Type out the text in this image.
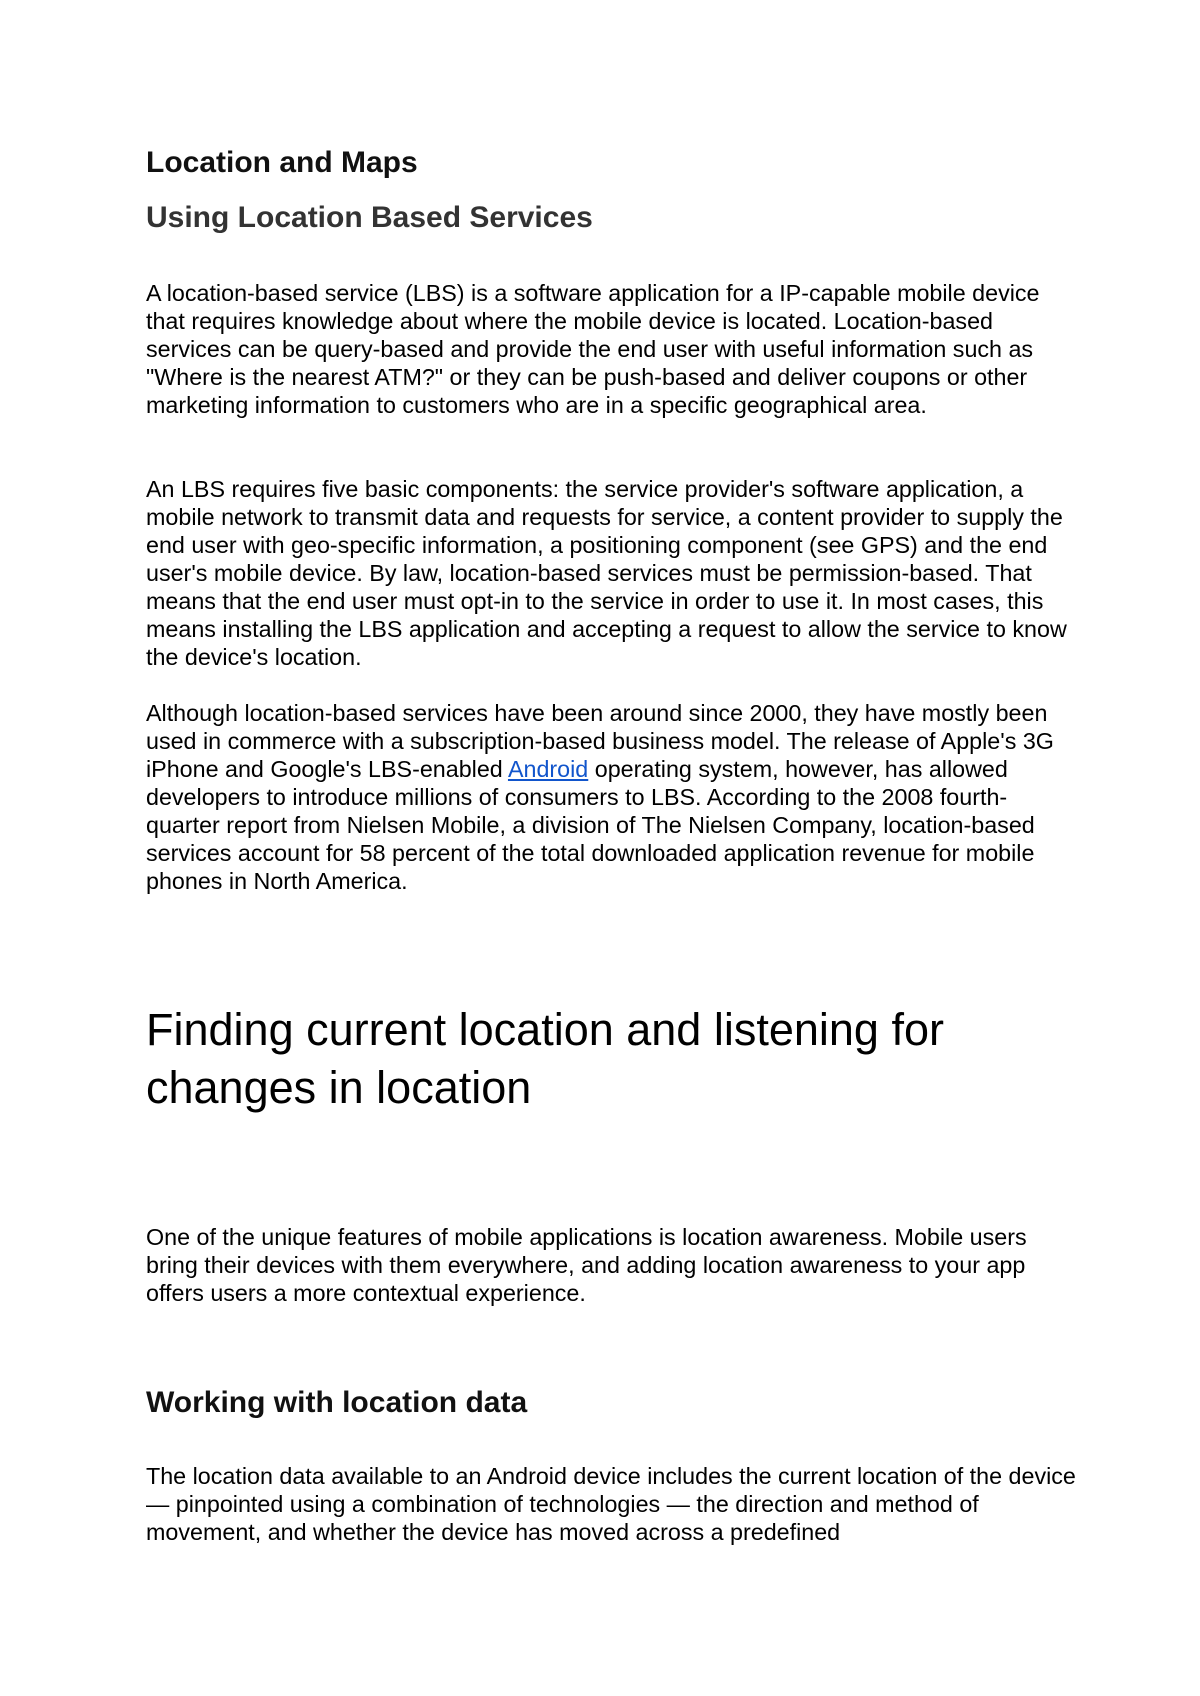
Location and Maps
Using Location Based Services

A location-based service (LBS) is a software application for a IP-capable mobile device that requires knowledge about where the mobile device is located. Location-based services can be query-based and provide the end user with useful information such as "Where is the nearest ATM?" or they can be push-based and deliver coupons or other marketing information to customers who are in a specific geographical area.

An LBS requires five basic components: the service provider's software application, a mobile network to transmit data and requests for service, a content provider to supply the end user with geo-specific information, a positioning component (see GPS) and the end user's mobile device. By law, location-based services must be permission-based. That means that the end user must opt-in to the service in order to use it. In most cases, this means installing the LBS application and accepting a request to allow the service to know the device's location.

Although location-based services have been around since 2000, they have mostly been used in commerce with a subscription-based business model. The release of Apple's 3G iPhone and Google's LBS-enabled Android operating system, however, has allowed developers to introduce millions of consumers to LBS. According to the 2008 fourth-quarter report from Nielsen Mobile, a division of The Nielsen Company, location-based services account for 58 percent of the total downloaded application revenue for mobile phones in North America.

Finding current location and listening for changes in location

One of the unique features of mobile applications is location awareness. Mobile users bring their devices with them everywhere, and adding location awareness to your app offers users a more contextual experience.

Working with location data

The location data available to an Android device includes the current location of the device — pinpointed using a combination of technologies — the direction and method of movement, and whether the device has moved across a predefined
